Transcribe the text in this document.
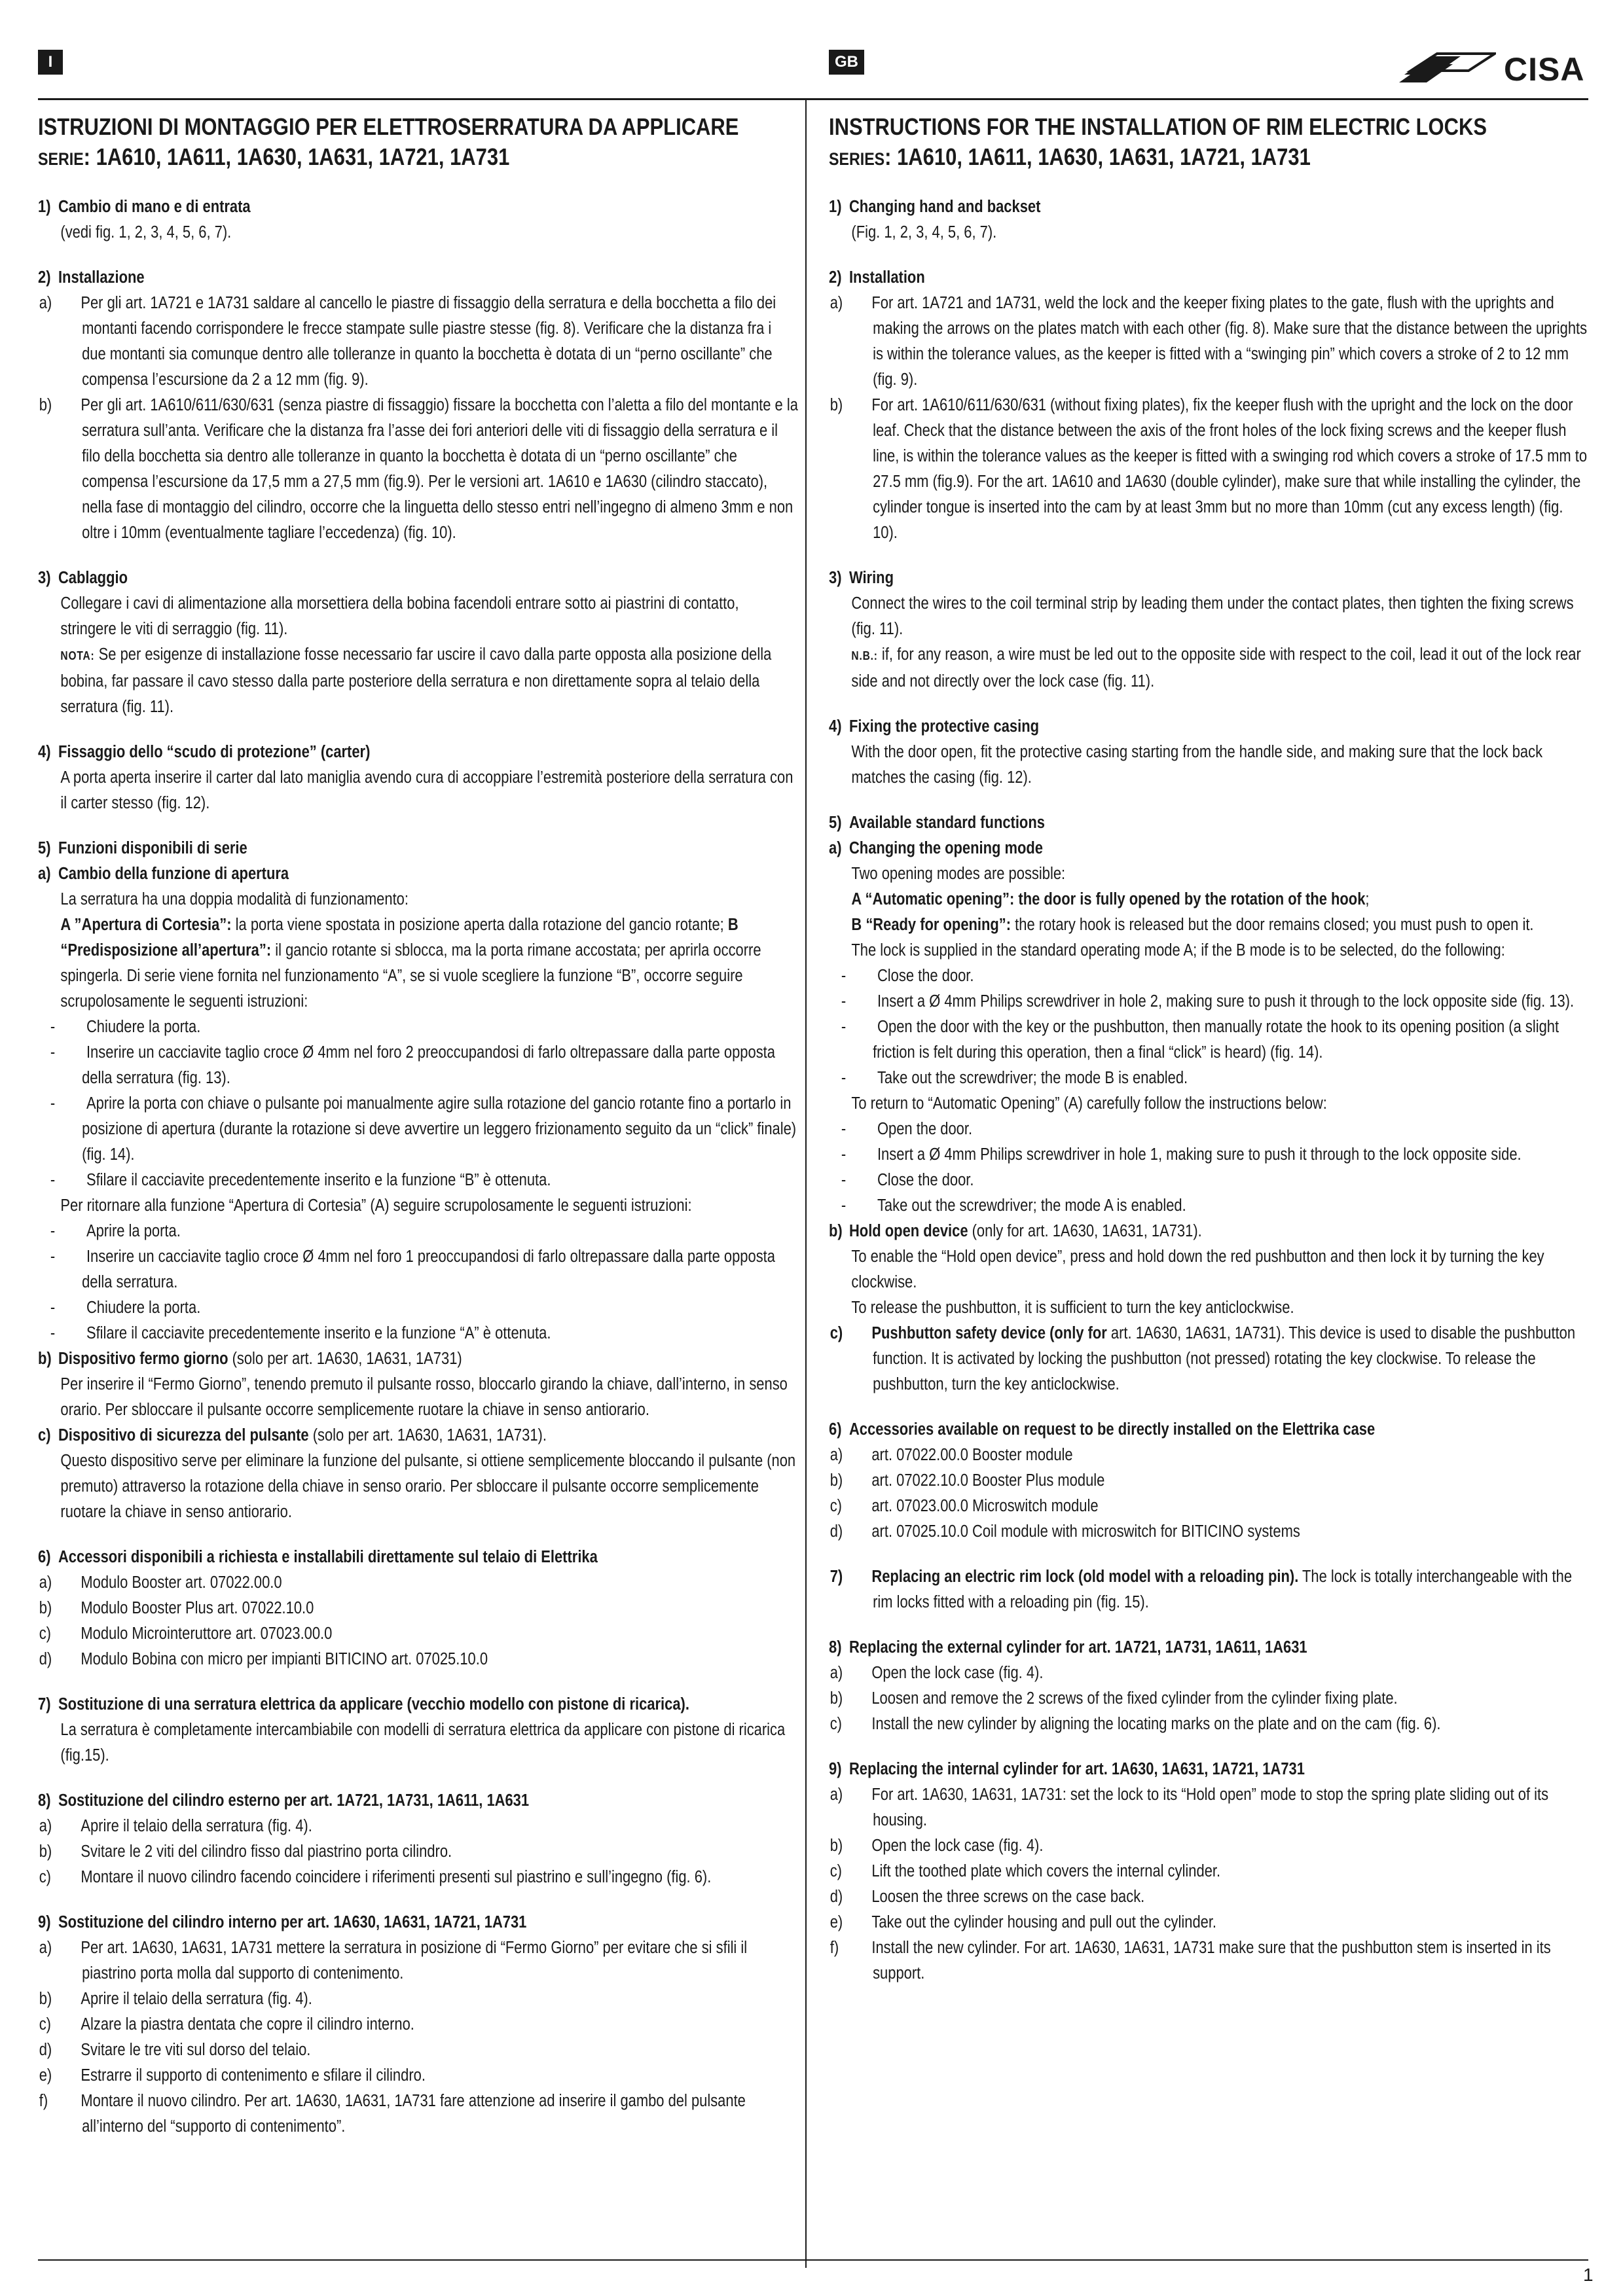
I	GB	CISA

ISTRUZIONI DI MONTAGGIO PER ELETTROSERRATURA DA APPLICARE

SERIE: 1A610, 1A611, 1A630, 1A631, 1A721, 1A731

1) Cambio di mano e di entrata
(vedi fig. 1, 2, 3, 4, 5, 6, 7).
2) Installazione
a) Per gli art. 1A721 e 1A731 saldare al cancello le piastre di fissaggio della serratura e della bocchetta a filo dei montanti facendo corrispondere le frecce stampate sulle piastre stesse (fig. 8). Verificare che la distanza fra i due montanti sia comunque dentro alle tolleranze in quanto la bocchetta è dotata di un “perno oscillante” che compensa l’escursione da 2 a 12 mm (fig. 9).
b) Per gli art. 1A610/611/630/631 (senza piastre di fissaggio) fissare la bocchetta con l’aletta a filo del montante e la serratura sull’anta. Verificare che la distanza fra l’asse dei fori anteriori delle viti di fissaggio della serratura e il filo della bocchetta sia dentro alle tolleranze in quanto la bocchetta è dotata di un “perno oscillante” che compensa l’escursione da 17,5 mm a 27,5 mm (fig.9). Per le versioni art. 1A610 e 1A630 (cilindro staccato), nella fase di montaggio del cilindro, occorre che la linguetta dello stesso entri nell’ingegno di almeno 3mm e non oltre i 10mm (eventualmente tagliare l’eccedenza) (fig. 10).
3) Cablaggio
Collegare i cavi di alimentazione alla morsettiera della bobina facendoli entrare sotto ai piastrini di contatto, stringere le viti di serraggio (fig. 11).
NOTA: Se per esigenze di installazione fosse necessario far uscire il cavo dalla parte opposta alla posizione della bobina, far passare il cavo stesso dalla parte posteriore della serratura e non direttamente sopra al telaio della serratura (fig. 11).
4) Fissaggio dello “scudo di protezione” (carter)
A porta aperta inserire il carter dal lato maniglia avendo cura di accoppiare l’estremità posteriore della serratura con il carter stesso (fig. 12).
5) Funzioni disponibili di serie
a) Cambio della funzione di apertura
La serratura ha una doppia modalità di funzionamento:
A ”Apertura di Cortesia”: la porta viene spostata in posizione aperta dalla rotazione del gancio rotante; B “Predisposizione all’apertura”: il gancio rotante si sblocca, ma la porta rimane accostata; per aprirla occorre spingerla. Di serie viene fornita nel funzionamento “A”, se si vuole scegliere la funzione “B”, occorre seguire scrupolosamente le seguenti istruzioni:
- Chiudere la porta.
- Inserire un cacciavite taglio croce Ø 4mm nel foro 2 preoccupandosi di farlo oltrepassare dalla parte opposta della serratura (fig. 13).
- Aprire la porta con chiave o pulsante poi manualmente agire sulla rotazione del gancio rotante fino a portarlo in posizione di apertura (durante la rotazione si deve avvertire un leggero frizionamento seguito da un “click” finale) (fig. 14).
- Sfilare il cacciavite precedentemente inserito e la funzione “B” è ottenuta.
Per ritornare alla funzione “Apertura di Cortesia” (A) seguire scrupolosamente le seguenti istruzioni:
- Aprire la porta.
- Inserire un cacciavite taglio croce Ø 4mm nel foro 1 preoccupandosi di farlo oltrepassare dalla parte opposta della serratura.
- Chiudere la porta.
- Sfilare il cacciavite precedentemente inserito e la funzione “A” è ottenuta.
b) Dispositivo fermo giorno (solo per art. 1A630, 1A631, 1A731)
Per inserire il “Fermo Giorno”, tenendo premuto il pulsante rosso, bloccarlo girando la chiave, dall’interno, in senso orario. Per sbloccare il pulsante occorre semplicemente ruotare la chiave in senso antiorario.
c) Dispositivo di sicurezza del pulsante (solo per art. 1A630, 1A631, 1A731).
Questo dispositivo serve per eliminare la funzione del pulsante, si ottiene semplicemente bloccando il pulsante (non premuto) attraverso la rotazione della chiave in senso orario. Per sbloccare il pulsante occorre semplicemente ruotare la chiave in senso antiorario.
6) Accessori disponibili a richiesta e installabili direttamente sul telaio di Elettrika
a) Modulo Booster art. 07022.00.0
b) Modulo Booster Plus art. 07022.10.0
c) Modulo Microinteruttore art. 07023.00.0
d) Modulo Bobina con micro per impianti BITICINO art. 07025.10.0
7) Sostituzione di una serratura elettrica da applicare (vecchio modello con pistone di ricarica).
La serratura è completamente intercambiabile con modelli di serratura elettrica da applicare con pistone di ricarica (fig.15).
8) Sostituzione del cilindro esterno per art. 1A721, 1A731, 1A611, 1A631
a) Aprire il telaio della serratura (fig. 4).
b) Svitare le 2 viti del cilindro fisso dal piastrino porta cilindro.
c) Montare il nuovo cilindro facendo coincidere i riferimenti presenti sul piastrino e sull’ingegno (fig. 6).
9) Sostituzione del cilindro interno per art. 1A630, 1A631, 1A721, 1A731
a) Per art. 1A630, 1A631, 1A731 mettere la serratura in posizione di “Fermo Giorno” per evitare che si sfili il piastrino porta molla dal supporto di contenimento.
b) Aprire il telaio della serratura (fig. 4).
c) Alzare la piastra dentata che copre il cilindro interno.
d) Svitare le tre viti sul dorso del telaio.
e) Estrarre il supporto di contenimento e sfilare il cilindro.
f) Montare il nuovo cilindro. Per art. 1A630, 1A631, 1A731 fare attenzione ad inserire il gambo del pulsante all’interno del “supporto di contenimento”.

INSTRUCTIONS FOR THE INSTALLATION OF RIM ELECTRIC LOCKS

SERIES: 1A610, 1A611, 1A630, 1A631, 1A721, 1A731

1) Changing hand and backset
(Fig. 1, 2, 3, 4, 5, 6, 7).
2) Installation
a) For art. 1A721 and 1A731, weld the lock and the keeper fixing plates to the gate, flush with the uprights and making the arrows on the plates match with each other (fig. 8). Make sure that the distance between the uprights is within the tolerance values, as the keeper is fitted with a “swinging pin” which covers a stroke of 2 to 12 mm (fig. 9).
b) For art. 1A610/611/630/631 (without fixing plates), fix the keeper flush with the upright and the lock on the door leaf. Check that the distance between the axis of the front holes of the lock fixing screws and the keeper flush line, is within the tolerance values as the keeper is fitted with a swinging rod which covers a stroke of 17.5 mm to 27.5 mm (fig.9). For the art. 1A610 and 1A630 (double cylinder), make sure that while installing the cylinder, the cylinder tongue is inserted into the cam by at least 3mm but no more than 10mm (cut any excess length) (fig. 10).
3) Wiring
Connect the wires to the coil terminal strip by leading them under the contact plates, then tighten the fixing screws (fig. 11).
N.B.: if, for any reason, a wire must be led out to the opposite side with respect to the coil, lead it out of the lock rear side and not directly over the lock case (fig. 11).
4) Fixing the protective casing
With the door open, fit the protective casing starting from the handle side, and making sure that the lock back matches the casing (fig. 12).
5) Available standard functions
a) Changing the opening mode
Two opening modes are possible:
A “Automatic opening”: the door is fully opened by the rotation of the hook;
B “Ready for opening”: the rotary hook is released but the door remains closed; you must push to open it.
The lock is supplied in the standard operating mode A; if the B mode is to be selected, do the following:
- Close the door.
- Insert a Ø 4mm Philips screwdriver in hole 2, making sure to push it through to the lock opposite side (fig. 13).
- Open the door with the key or the pushbutton, then manually rotate the hook to its opening position (a slight friction is felt during this operation, then a final “click” is heard) (fig. 14).
- Take out the screwdriver; the mode B is enabled.
To return to “Automatic Opening” (A) carefully follow the instructions below:
- Open the door.
- Insert a Ø 4mm Philips screwdriver in hole 1, making sure to push it through to the lock opposite side.
- Close the door.
- Take out the screwdriver; the mode A is enabled.
b) Hold open device (only for art. 1A630, 1A631, 1A731).
To enable the “Hold open device”, press and hold down the red pushbutton and then lock it by turning the key clockwise.
To release the pushbutton, it is sufficient to turn the key anticlockwise.
c) Pushbutton safety device (only for art. 1A630, 1A631, 1A731). This device is used to disable the pushbutton function. It is activated by locking the pushbutton (not pressed) rotating the key clockwise. To release the pushbutton, turn the key anticlockwise.
6) Accessories available on request to be directly installed on the Elettrika case
a) art. 07022.00.0 Booster module
b) art. 07022.10.0 Booster Plus module
c) art. 07023.00.0 Microswitch module
d) art. 07025.10.0 Coil module with microswitch for BITICINO systems
7) Replacing an electric rim lock (old model with a reloading pin). The lock is totally interchangeable with the rim locks fitted with a reloading pin (fig. 15).
8) Replacing the external cylinder for art. 1A721, 1A731, 1A611, 1A631
a) Open the lock case (fig. 4).
b) Loosen and remove the 2 screws of the fixed cylinder from the cylinder fixing plate.
c) Install the new cylinder by aligning the locating marks on the plate and on the cam (fig. 6).
9) Replacing the internal cylinder for art. 1A630, 1A631, 1A721, 1A731
a) For art. 1A630, 1A631, 1A731: set the lock to its “Hold open” mode to stop the spring plate sliding out of its housing.
b) Open the lock case (fig. 4).
c) Lift the toothed plate which covers the internal cylinder.
d) Loosen the three screws on the case back.
e) Take out the cylinder housing and pull out the cylinder.
f) Install the new cylinder. For art. 1A630, 1A631, 1A731 make sure that the pushbutton stem is inserted in its support.
1
